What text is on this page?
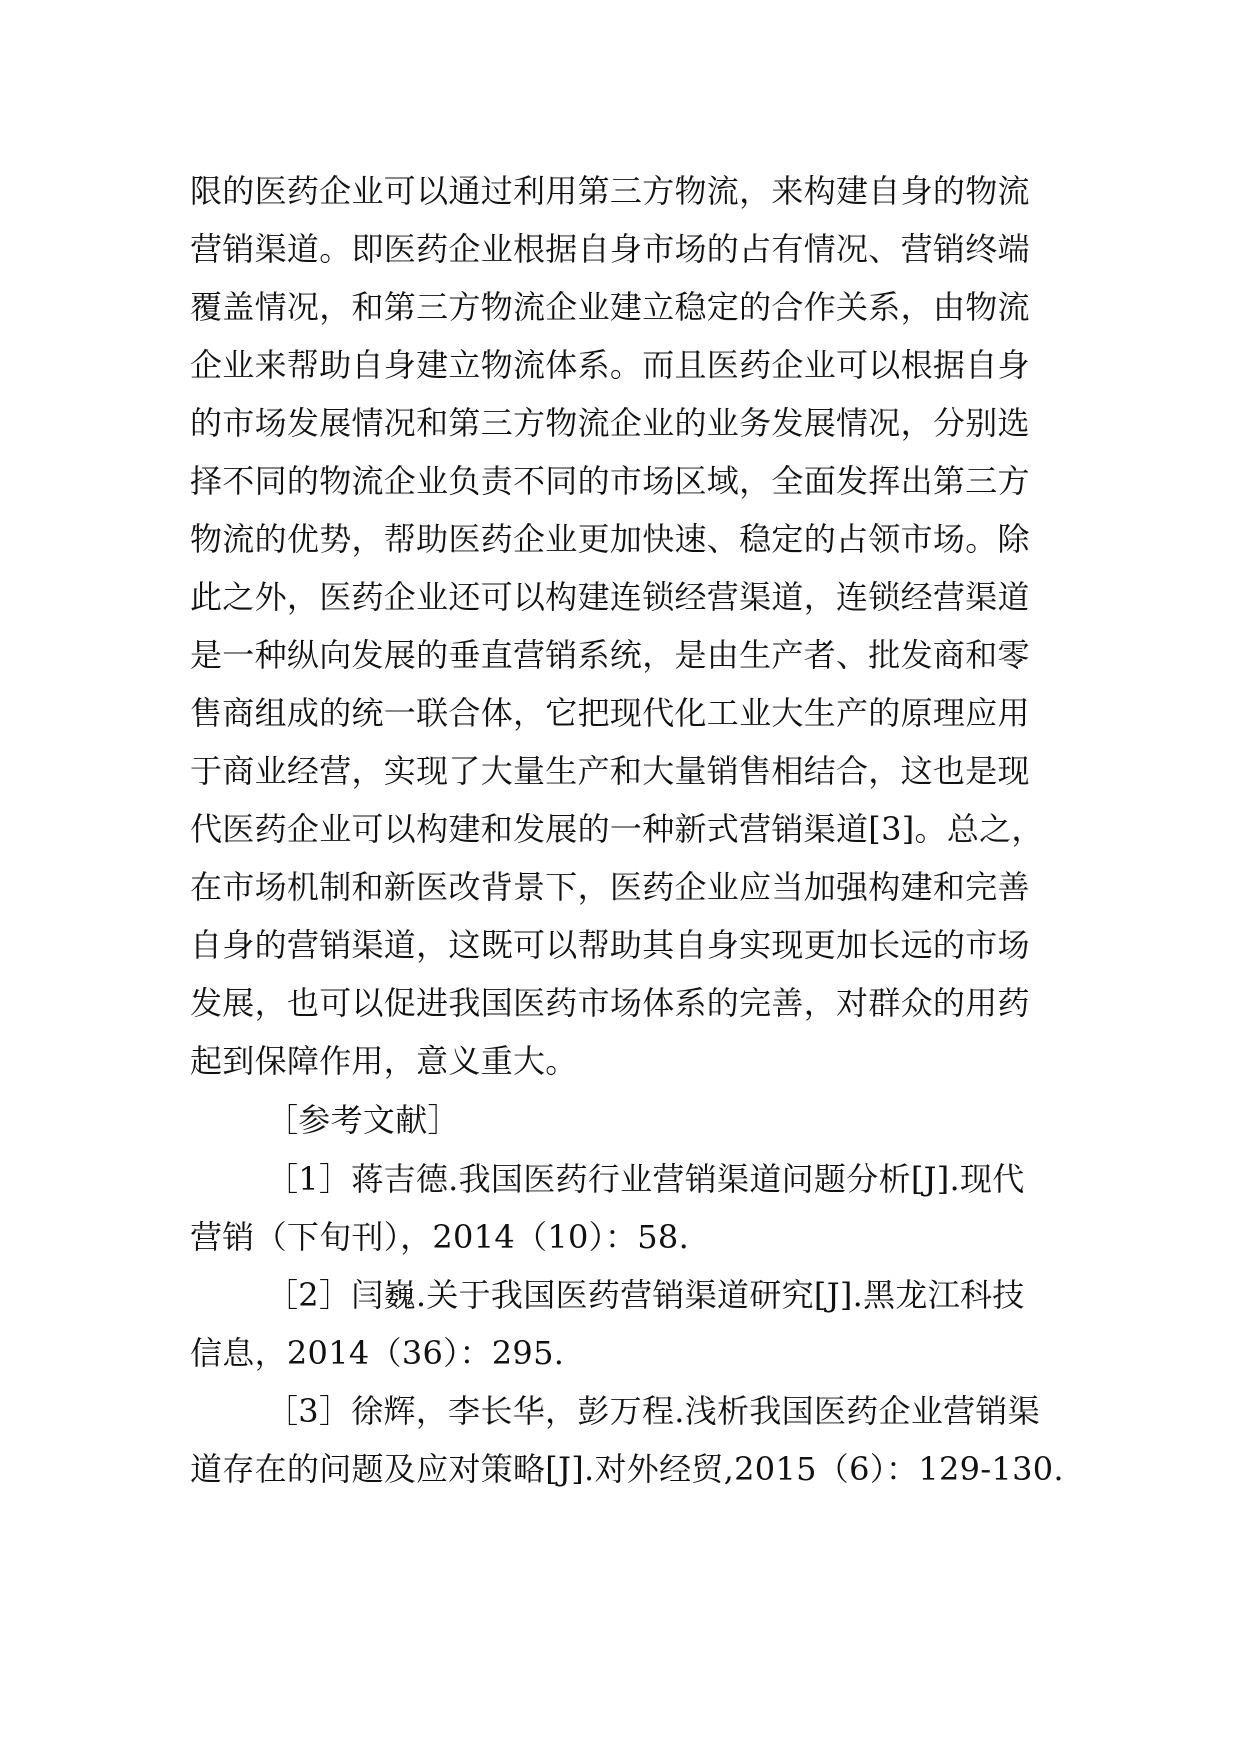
限的医药企业可以通过利用第三方物流，来构建自身的物流
营销渠道。即医药企业根据自身市场的占有情况、营销终端
覆盖情况，和第三方物流企业建立稳定的合作关系，由物流
企业来帮助自身建立物流体系。而且医药企业可以根据自身
的市场发展情况和第三方物流企业的业务发展情况，分别选
择不同的物流企业负责不同的市场区域，全面发挥出第三方
物流的优势，帮助医药企业更加快速、稳定的占领市场。除
此之外，医药企业还可以构建连锁经营渠道，连锁经营渠道
是一种纵向发展的垂直营销系统，是由生产者、批发商和零
售商组成的统一联合体，它把现代化工业大生产的原理应用
于商业经营，实现了大量生产和大量销售相结合，这也是现
代医药企业可以构建和发展的一种新式营销渠道[3]。总之，
在市场机制和新医改背景下，医药企业应当加强构建和完善
自身的营销渠道，这既可以帮助其自身实现更加长远的市场
发展，也可以促进我国医药市场体系的完善，对群众的用药
起到保障作用，意义重大。
［参考文献］
［1］蒋吉德.我国医药行业营销渠道问题分析[J].现代
营销（下旬刊），2014（10）：58.
［2］闫巍.关于我国医药营销渠道研究[J].黑龙江科技
信息，2014（36）：295.
［3］徐辉，李长华，彭万程.浅析我国医药企业营销渠
道存在的问题及应对策略[J].对外经贸,2015（6）：129-130.
